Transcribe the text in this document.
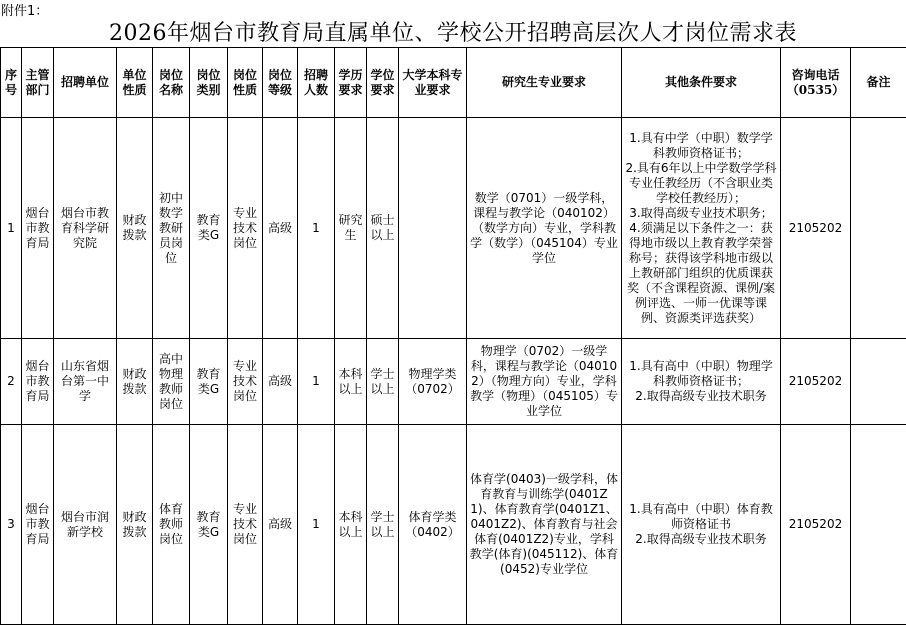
附件1：
2026年烟台市教育局直属单位、学校公开招聘高层次人才岗位需求表
序号	主管部门	招聘单位	单位性质	岗位名称	岗位类别	岗位性质	岗位等级	招聘人数	学历要求	学位要求	大学本科专业要求	研究生专业要求	其他条件要求	咨询电话（0535）	备注
1	烟台市教育局	烟台市教育科学研究院	财政拨款	初中数学教研员岗位	教育类G	专业技术岗位	高级	1	研究生	硕士以上		数学（0701）一级学科，课程与教学论（040102）（数学方向）专业，学科教学（数学）（045104）专业学位	1.具有中学（中职）数学学科教师资格证书；
2.具有6年以上中学数学学科专业任教经历（不含职业类学校任教经历）；
3.取得高级专业技术职务；
4.须满足以下条件之一：获得地市级以上教育教学荣誉称号；获得该学科地市级以上教研部门组织的优质课获奖（不含课程资源、课例/案例评选、一师一优课等课例、资源类评选获奖）	2105202	
2	烟台市教育局	山东省烟台第一中学	财政拨款	高中物理教师岗位	教育类G	专业技术岗位	高级	1	本科以上	学士以上	物理学类（0702）	物理学（0702）一级学科，课程与教学论（040102）（物理方向）专业，学科教学（物理）（045105）专业学位	1.具有高中（中职）物理学科教师资格证书；
2.取得高级专业技术职务	2105202	
3	烟台市教育局	烟台市润新学校	财政拨款	体育教师岗位	教育类G	专业技术岗位	高级	1	本科以上	学士以上	体育学类（0402）	体育学(0403)一级学科，体育教育与训练学(0401Z1)、体育教育学(0401Z1、0401Z2)、体育教育与社会体育(0401Z2)专业，学科教学(体育)(045112)、体育(0452)专业学位	1.具有高中（中职）体育教师资格证书
2.取得高级专业技术职务	2105202	
